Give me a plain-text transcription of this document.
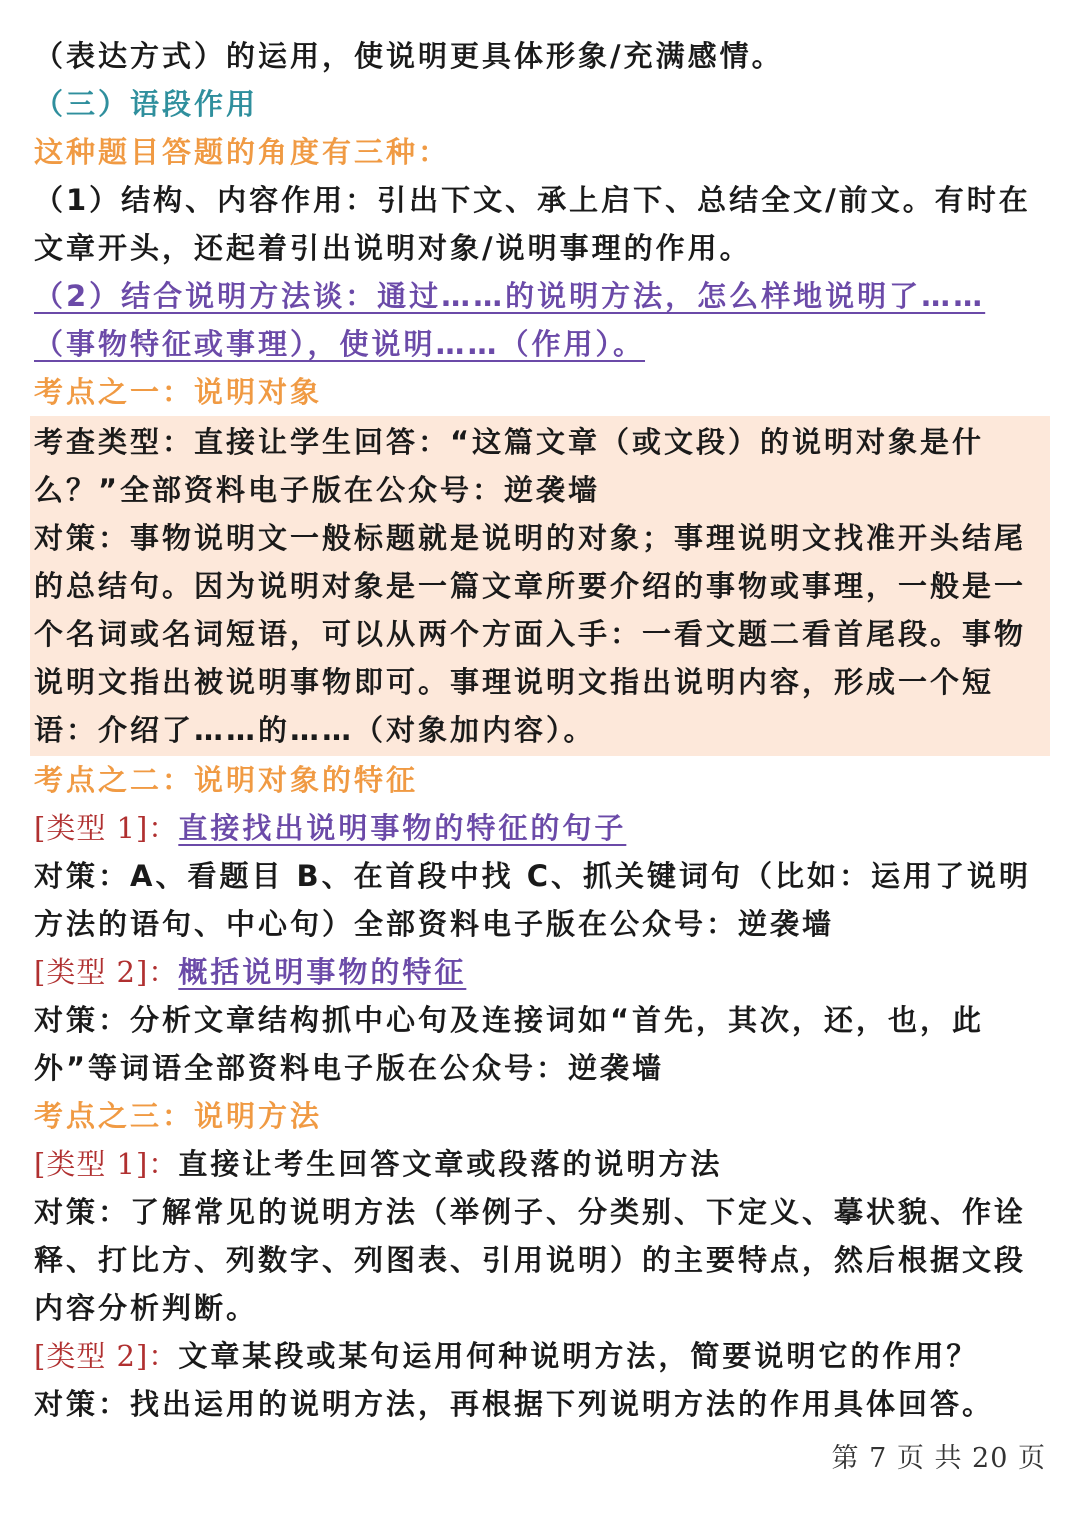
（表达方式）的运用，使说明更具体形象/充满感情。
（三）语段作用
这种题目答题的角度有三种：
（1）结构、内容作用：引出下文、承上启下、总结全文/前文。有时在
文章开头，还起着引出说明对象/说明事理的作用。
（2）结合说明方法谈：通过……的说明方法，怎么样地说明了……
（事物特征或事理），使说明……（作用）。
考点之一：说明对象
考查类型：直接让学生回答：“这篇文章（或文段）的说明对象是什么？”全部资料电子版在公众号：逆袭墙
对策：事物说明文一般标题就是说明的对象；事理说明文找准开头结尾的总结句。因为说明对象是一篇文章所要介绍的事物或事理，一般是一个名词或名词短语，可以从两个方面入手：一看文题二看首尾段。事物说明文指出被说明事物即可。事理说明文指出说明内容，形成一个短语：介绍了……的……（对象加内容）。
考点之二：说明对象的特征
[类型 1]：直接找出说明事物的特征的句子
对策：A、看题目 B、在首段中找 C、抓关键词句（比如：运用了说明方法的语句、中心句）全部资料电子版在公众号：逆袭墙
[类型 2]：概括说明事物的特征
对策：分析文章结构抓中心句及连接词如“首先，其次，还，也，此外”等词语全部资料电子版在公众号：逆袭墙
考点之三：说明方法
[类型 1]：直接让考生回答文章或段落的说明方法
对策：了解常见的说明方法（举例子、分类别、下定义、摹状貌、作诠释、打比方、列数字、列图表、引用说明）的主要特点，然后根据文段内容分析判断。
[类型 2]：文章某段或某句运用何种说明方法，简要说明它的作用？
对策：找出运用的说明方法，再根据下列说明方法的作用具体回答。
第 7 页 共 20 页
